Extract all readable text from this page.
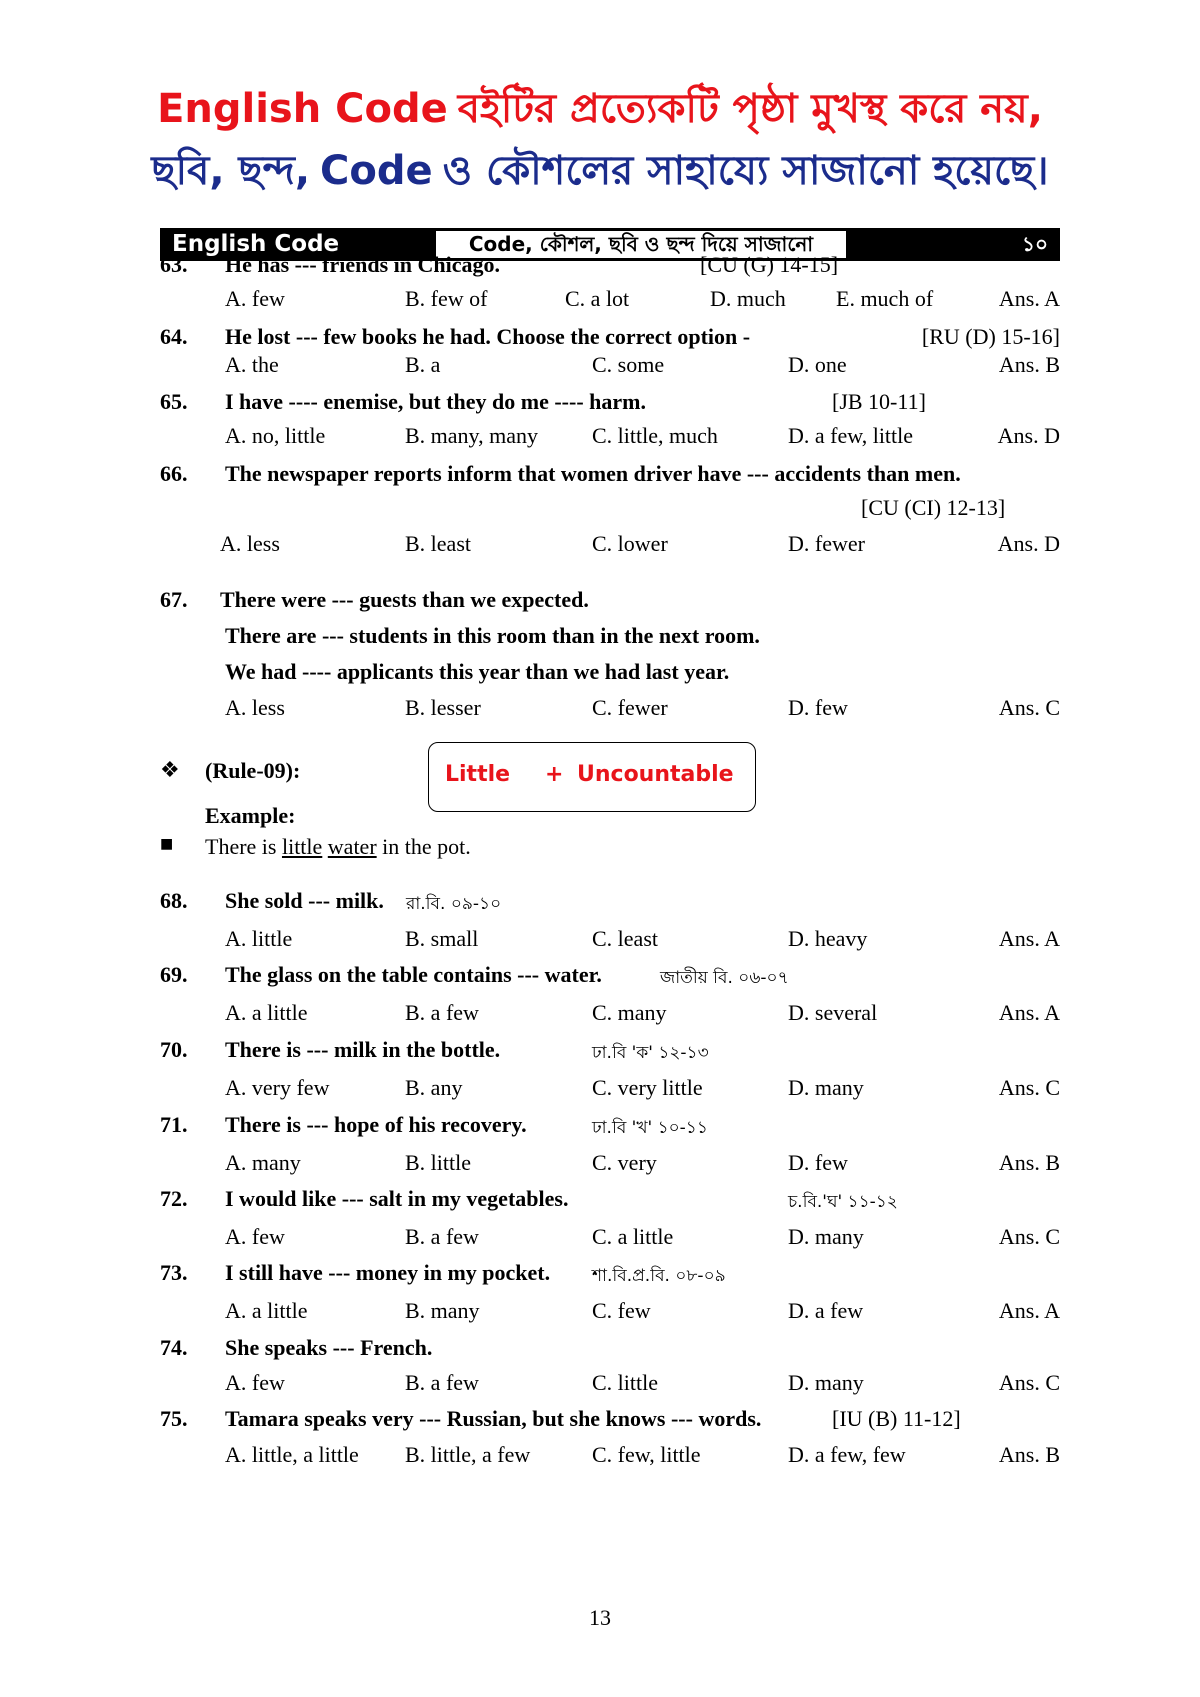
English Code বইটির প্রত্যেকটি পৃষ্ঠা মুখস্থ করে নয়,
ছবি, ছন্দ, Code ও কৌশলের সাহায্যে সাজানো হয়েছে।
English Code	Code, কৌশল, ছবি ও ছন্দ দিয়ে সাজানো	১০
63. He has --- friends in Chicago.	[CU (G) 14-15]
A. few	B. few of	C. a lot	D. much E. much of	Ans. A
64. He lost --- few books he had. Choose the correct option -	[RU (D) 15-16]
A. the	B. a	C. some	D. one	Ans. B
65. I have ---- enemise, but they do me ---- harm.	[JB 10-11]
A. no, little	B. many, many C. little, much	D. a few, little	Ans. D
66. The newspaper reports inform that women driver have --- accidents than men.
[CU (CI) 12-13]
A. less	B. least	C. lower	D. fewer	Ans. D
67. There were --- guests than we expected.
There are --- students in this room than in the next room.
We had ---- applicants this year than we had last year.
A. less	B. lesser	C. fewer	D. few	Ans. C
❖ (Rule-09):	Little + Uncountable
Example:
■ There is little water in the pot.
68. She sold --- milk. রা.বি. ০৯-১০
A. little	B. small	C. least	D. heavy	Ans. A
69. The glass on the table contains --- water.	জাতীয় বি. ০৬-০৭
A. a little	B. a few	C. many	D. several	Ans. A
70. There is --- milk in the bottle.	ঢা.বি 'ক' ১২-১৩
A. very few	B. any	C. very little	D. many	Ans. C
71. There is --- hope of his recovery.	ঢা.বি 'খ' ১০-১১
A. many	B. little	C. very	D. few	Ans. B
72. I would like --- salt in my vegetables.	চ.বি.'ঘ' ১১-১২
A. few	B. a few	C. a little	D. many	Ans. C
73. I still have --- money in my pocket. শা.বি.প্র.বি. ০৮-০৯
A. a little	B. many	C. few	D. a few	Ans. A
74. She speaks --- French.
A. few	B. a few	C. little	D. many	Ans. C
75. Tamara speaks very --- Russian, but she knows --- words.	[IU (B) 11-12]
A. little, a little B. little, a few	C. few, little	D. a few, few	Ans. B
13
